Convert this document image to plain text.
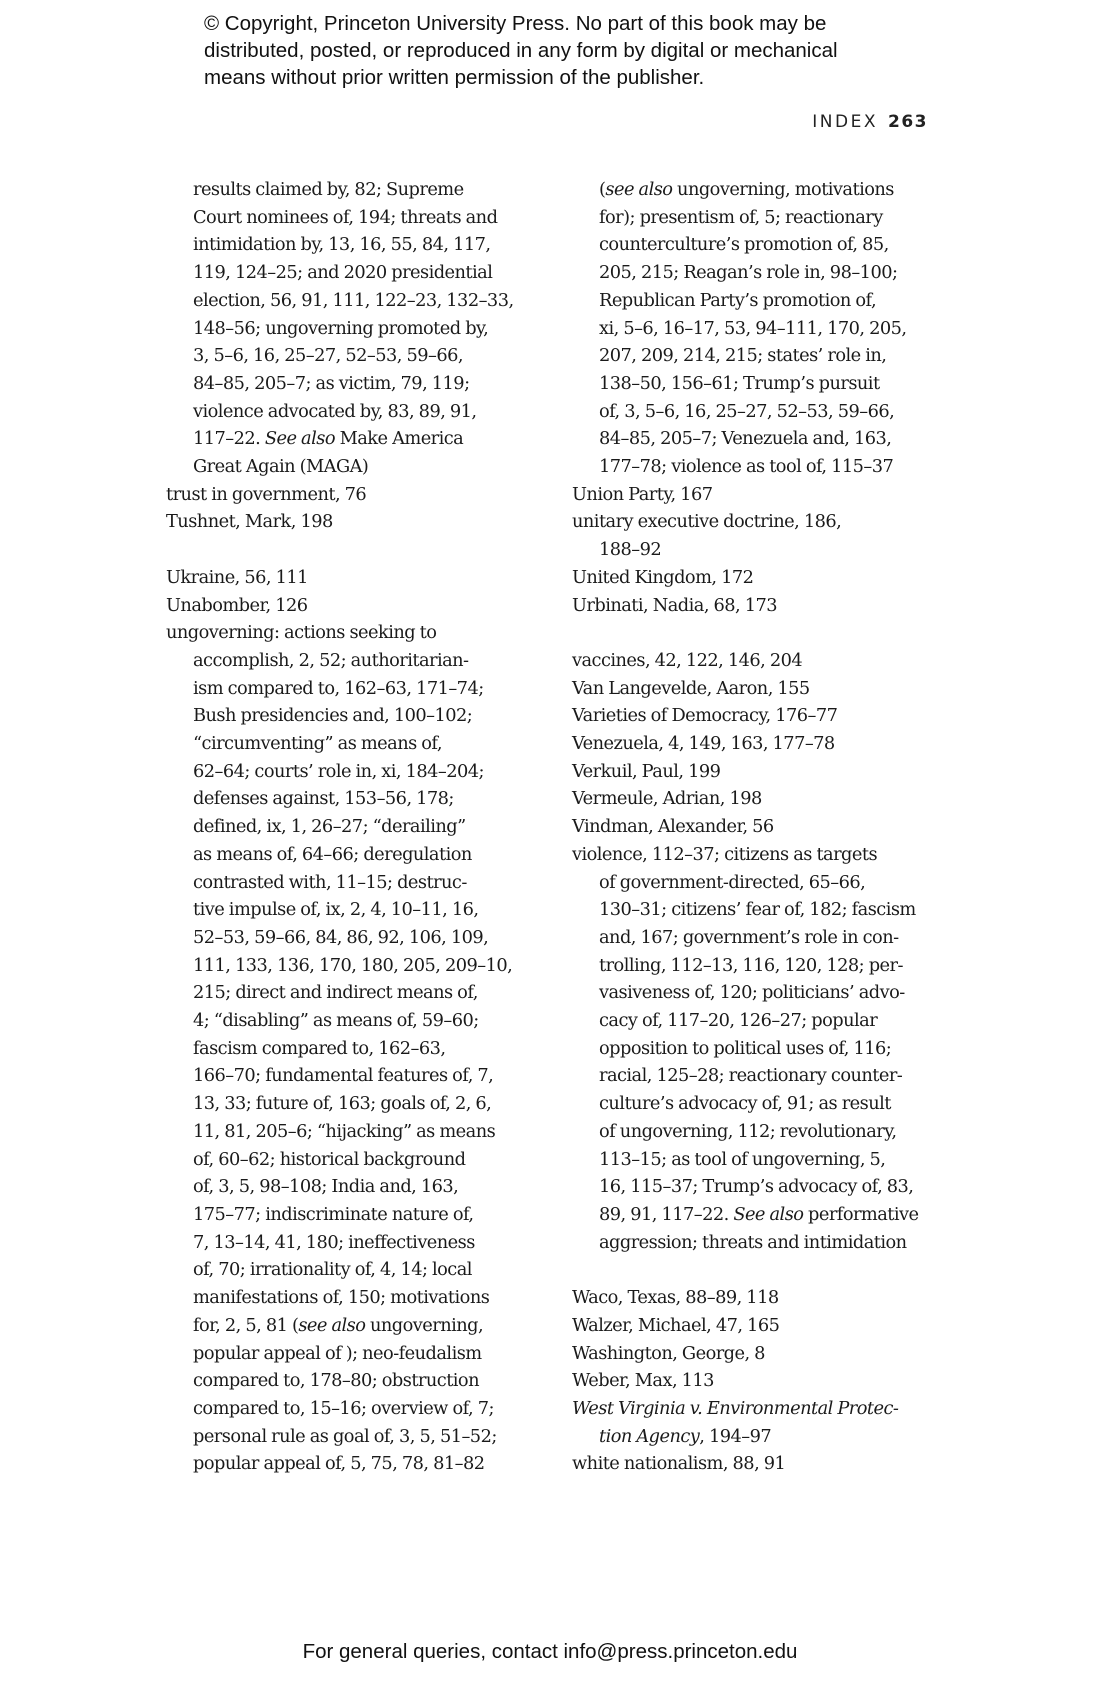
© Copyright, Princeton University Press. No part of this book may be
distributed, posted, or reproduced in any form by digital or mechanical
means without prior written permission of the publisher.
INDEX 263
results claimed by, 82; Supreme
Court nominees of, 194; threats and
intimidation by, 13, 16, 55, 84, 117,
119, 124–25; and 2020 presidential
election, 56, 91, 111, 122–23, 132–33,
148–56; ungoverning promoted by,
3, 5–6, 16, 25–27, 52–53, 59–66,
84–85, 205–7; as victim, 79, 119;
violence advocated by, 83, 89, 91,
117–22. See also Make America
Great Again (MAGA)
trust in government, 76
Tushnet, Mark, 198
Ukraine, 56, 111
Unabomber, 126
ungoverning: actions seeking to
accomplish, 2, 52; authoritarian-
ism compared to, 162–63, 171–74;
Bush presidencies and, 100–102;
“circumventing” as means of,
62–64; courts’ role in, xi, 184–204;
defenses against, 153–56, 178;
defined, ix, 1, 26–27; “derailing”
as means of, 64–66; deregulation
contrasted with, 11–15; destruc-
tive impulse of, ix, 2, 4, 10–11, 16,
52–53, 59–66, 84, 86, 92, 106, 109,
111, 133, 136, 170, 180, 205, 209–10,
215; direct and indirect means of,
4; “disabling” as means of, 59–60;
fascism compared to, 162–63,
166–70; fundamental features of, 7,
13, 33; future of, 163; goals of, 2, 6,
11, 81, 205–6; “hijacking” as means
of, 60–62; historical background
of, 3, 5, 98–108; India and, 163,
175–77; indiscriminate nature of,
7, 13–14, 41, 180; ineffectiveness
of, 70; irrationality of, 4, 14; local
manifestations of, 150; motivations
for, 2, 5, 81 (see also ungoverning,
popular appeal of ); neo-feudalism
compared to, 178–80; obstruction
compared to, 15–16; overview of, 7;
personal rule as goal of, 3, 5, 51–52;
popular appeal of, 5, 75, 78, 81–82
(see also ungoverning, motivations
for); presentism of, 5; reactionary
counterculture’s promotion of, 85,
205, 215; Reagan’s role in, 98–100;
Republican Party’s promotion of,
xi, 5–6, 16–17, 53, 94–111, 170, 205,
207, 209, 214, 215; states’ role in,
138–50, 156–61; Trump’s pursuit
of, 3, 5–6, 16, 25–27, 52–53, 59–66,
84–85, 205–7; Venezuela and, 163,
177–78; violence as tool of, 115–37
Union Party, 167
unitary executive doctrine, 186,
188–92
United Kingdom, 172
Urbinati, Nadia, 68, 173
vaccines, 42, 122, 146, 204
Van Langevelde, Aaron, 155
Varieties of Democracy, 176–77
Venezuela, 4, 149, 163, 177–78
Verkuil, Paul, 199
Vermeule, Adrian, 198
Vindman, Alexander, 56
violence, 112–37; citizens as targets
of government-directed, 65–66,
130–31; citizens’ fear of, 182; fascism
and, 167; government’s role in con-
trolling, 112–13, 116, 120, 128; per-
vasiveness of, 120; politicians’ advo-
cacy of, 117–20, 126–27; popular
opposition to political uses of, 116;
racial, 125–28; reactionary counter-
culture’s advocacy of, 91; as result
of ungoverning, 112; revolutionary,
113–15; as tool of ungoverning, 5,
16, 115–37; Trump’s advocacy of, 83,
89, 91, 117–22. See also performative
aggression; threats and intimidation
Waco, Texas, 88–89, 118
Walzer, Michael, 47, 165
Washington, George, 8
Weber, Max, 113
West Virginia v. Environmental Protec-
tion Agency, 194–97
white nationalism, 88, 91
For general queries, contact info@press.princeton.edu
